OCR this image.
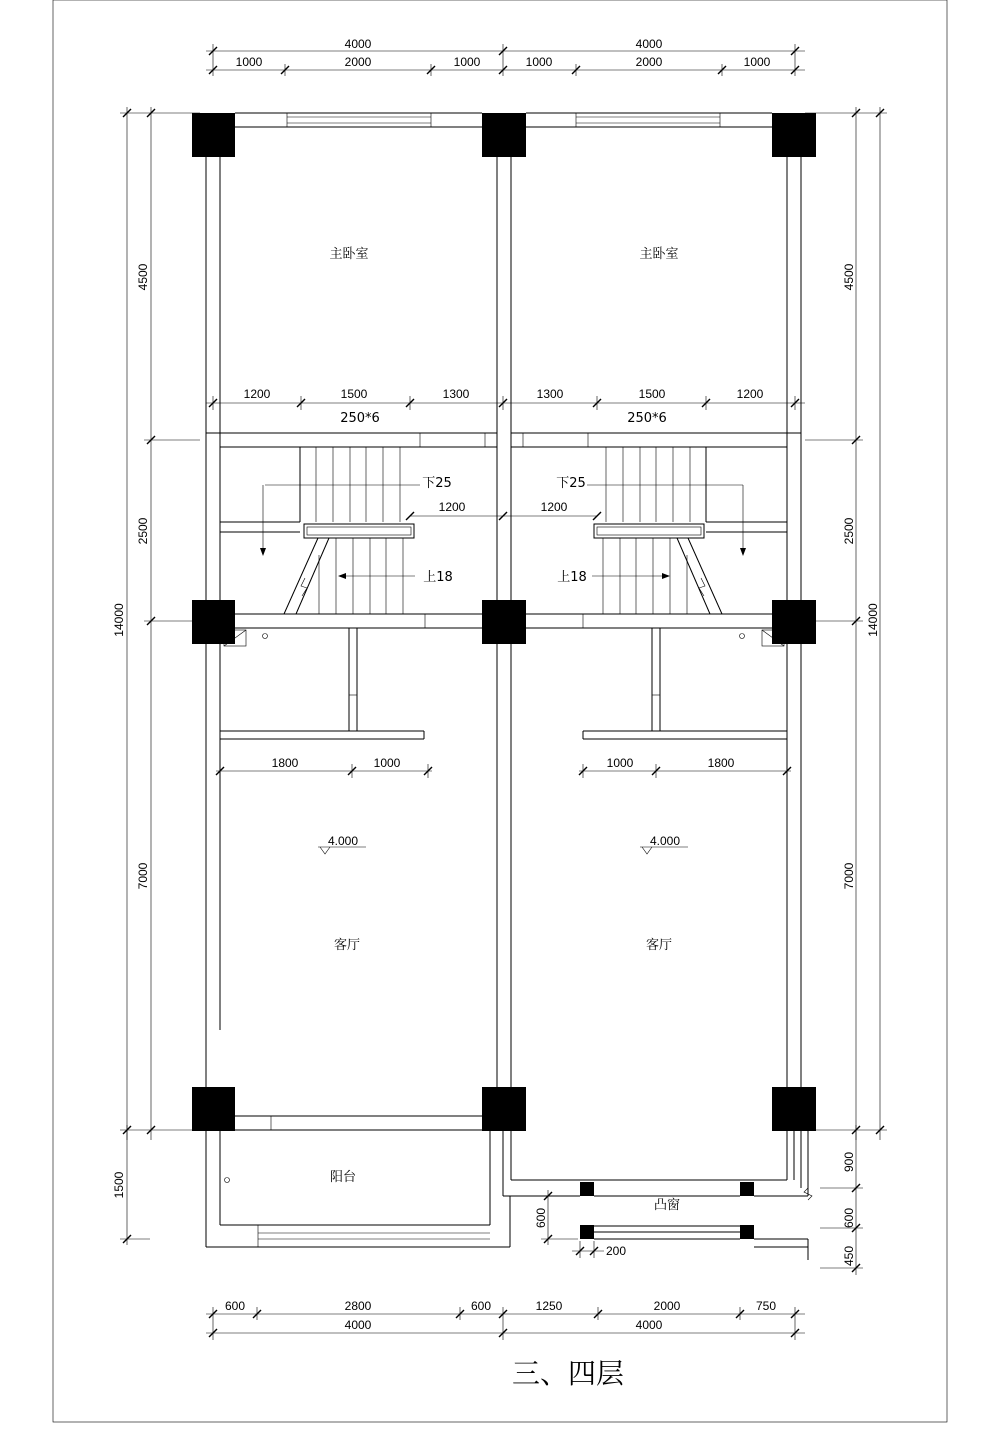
4000	4000
1000	2000	1000	1000	2000	1000
4500
2500
7000
1500
14000
4500
2500
7000
900
600
450
14000
下25
上18
下25
上18
1200	1500	1300	1300	1500	1200
250*6	250*6
1200	1200
1800	1000	1000	1800
4.000	4.000
主卧室	主卧室
客厅	客厅
阳台
凸窗
600
200
600	2800	600	1250	2000	750
4000	4000
三、四层
